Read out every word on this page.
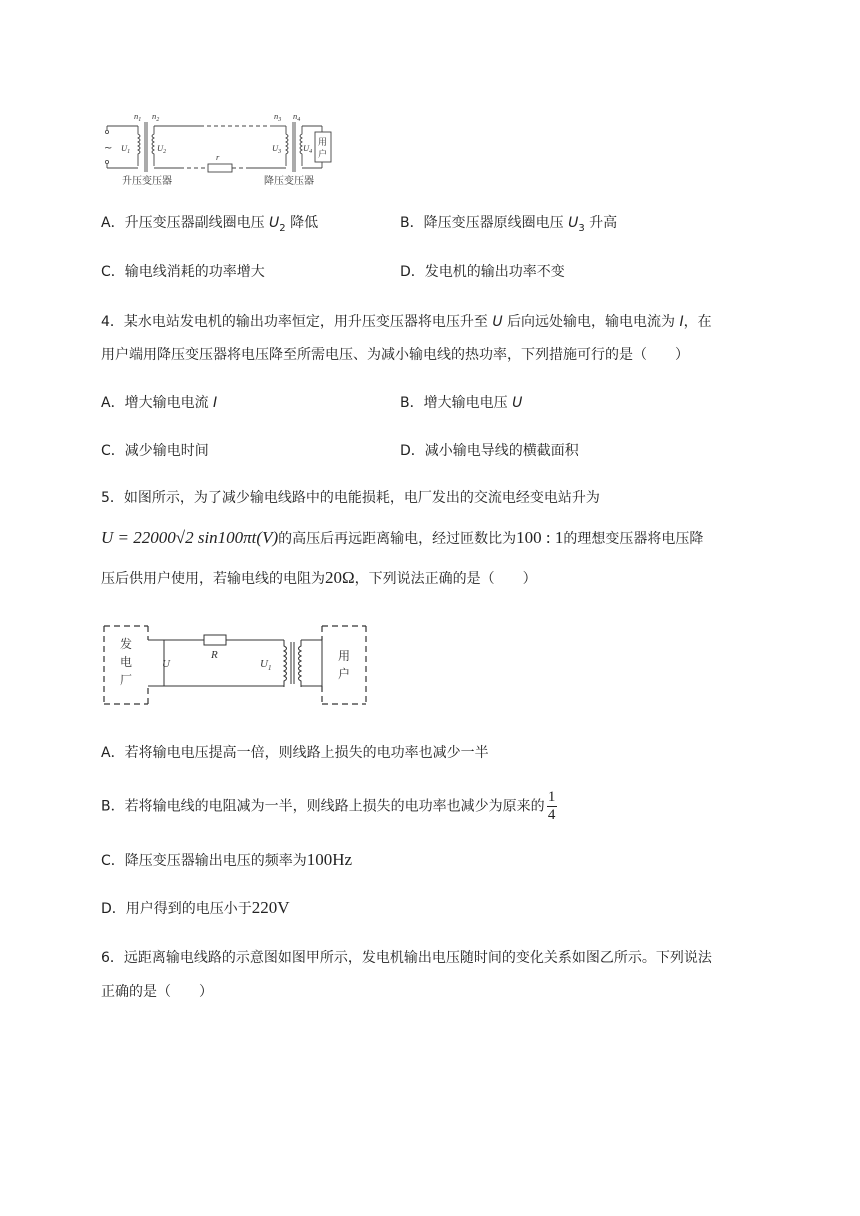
~
r
用
户
$n_1$ $n_2$	$n_3$ $n_4$
$U_1$	$U_2$	$U_3$	$U_4$
升压变压器	降压变压器
A．升压变压器副线圈电压 $U_2$ 降低	B．降压变压器原线圈电压 $U_3$ 升高
C．输电线消耗的功率增大	D．发电机的输出功率不变
4．某水电站发电机的输出功率恒定，用升压变压器将电压升至 U 后向远处输电，输电电流为 I，在
用户端用降压变压器将电压降至所需电压、为减小输电线的热功率，下列措施可行的是（　　）
A．增大输电电流 I	B．增大输电电压 U
C．减少输电时间	D．减小输电导线的横截面积
5．如图所示，为了减少输电线路中的电能损耗，电厂发出的交流电经变电站升为
U = 22000√2 sin100πt(V)的高压后再远距离输电，经过匝数比为100 : 1的理想变压器将电压降
压后供用户使用，若输电线的电阻为20Ω，下列说法正确的是（　　）
发
电
厂
U
R
$U_1$
用
户
A．若将输电电压提高一倍，则线路上损失的电功率也减少一半
B．若将输电线的电阻减为一半，则线路上损失的电功率也减少为原来的 $\frac{1}{4}$
C．降压变压器输出电压的频率为100Hz
D．用户得到的电压小于220V
6．远距离输电线路的示意图如图甲所示，发电机输出电压随时间的变化关系如图乙所示。下列说法
正确的是（　　）
